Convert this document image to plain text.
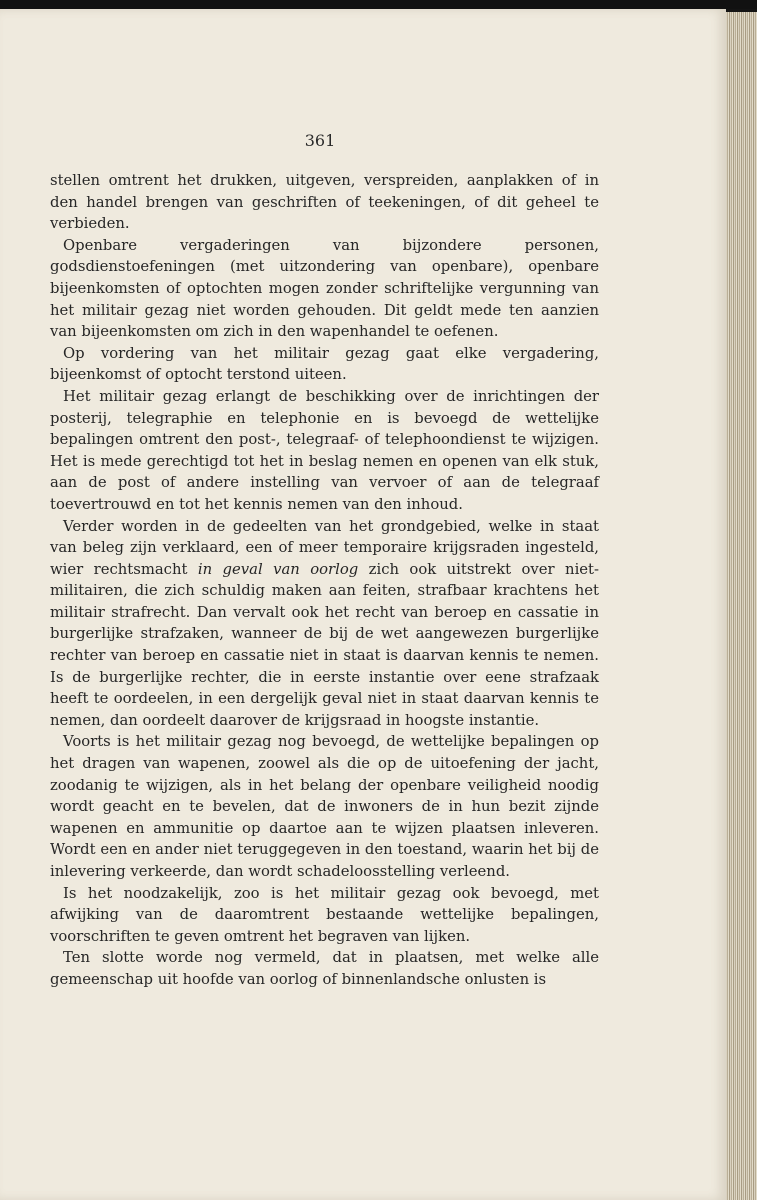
361

stellen omtrent het drukken, uitgeven, verspreiden, aanplakken of in den handel brengen van geschriften of teekeningen, of dit geheel te verbieden.

Openbare vergaderingen van bijzondere personen, godsdienstoefeningen (met uitzondering van openbare), openbare bijeenkomsten of optochten mogen zonder schriftelijke vergunning van het militair gezag niet worden gehouden. Dit geldt mede ten aanzien van bijeenkomsten om zich in den wapenhandel te oefenen.

Op vordering van het militair gezag gaat elke vergadering, bijeenkomst of optocht terstond uiteen.

Het militair gezag erlangt de beschikking over de inrichtingen der posterij, telegraphie en telephonie en is bevoegd de wettelijke bepalingen omtrent den post-, telegraaf- of telephoondienst te wijzigen. Het is mede gerechtigd tot het in beslag nemen en openen van elk stuk, aan de post of andere instelling van vervoer of aan de telegraaf toevertrouwd en tot het kennis nemen van den inhoud.

Verder worden in de gedeelten van het grondgebied, welke in staat van beleg zijn verklaard, een of meer temporaire krijgsraden ingesteld, wier rechtsmacht in geval van oorlog zich ook uitstrekt over niet-militairen, die zich schuldig maken aan feiten, strafbaar krachtens het militair strafrecht. Dan vervalt ook het recht van beroep en cassatie in burgerlijke strafzaken, wanneer de bij de wet aangewezen burgerlijke rechter van beroep en cassatie niet in staat is daarvan kennis te nemen. Is de burgerlijke rechter, die in eerste instantie over eene strafzaak heeft te oordeelen, in een dergelijk geval niet in staat daarvan kennis te nemen, dan oordeelt daarover de krijgsraad in hoogste instantie.

Voorts is het militair gezag nog bevoegd, de wettelijke bepalingen op het dragen van wapenen, zoowel als die op de uitoefening der jacht, zoodanig te wijzigen, als in het belang der openbare veiligheid noodig wordt geacht en te bevelen, dat de inwoners de in hun bezit zijnde wapenen en ammunitie op daartoe aan te wijzen plaatsen inleveren. Wordt een en ander niet teruggegeven in den toestand, waarin het bij de inlevering verkeerde, dan wordt schadeloosstelling verleend.

Is het noodzakelijk, zoo is het militair gezag ook bevoegd, met afwijking van de daaromtrent bestaande wettelijke bepalingen, voorschriften te geven omtrent het begraven van lijken.

Ten slotte worde nog vermeld, dat in plaatsen, met welke alle gemeenschap uit hoofde van oorlog of binnenlandsche onlusten is
